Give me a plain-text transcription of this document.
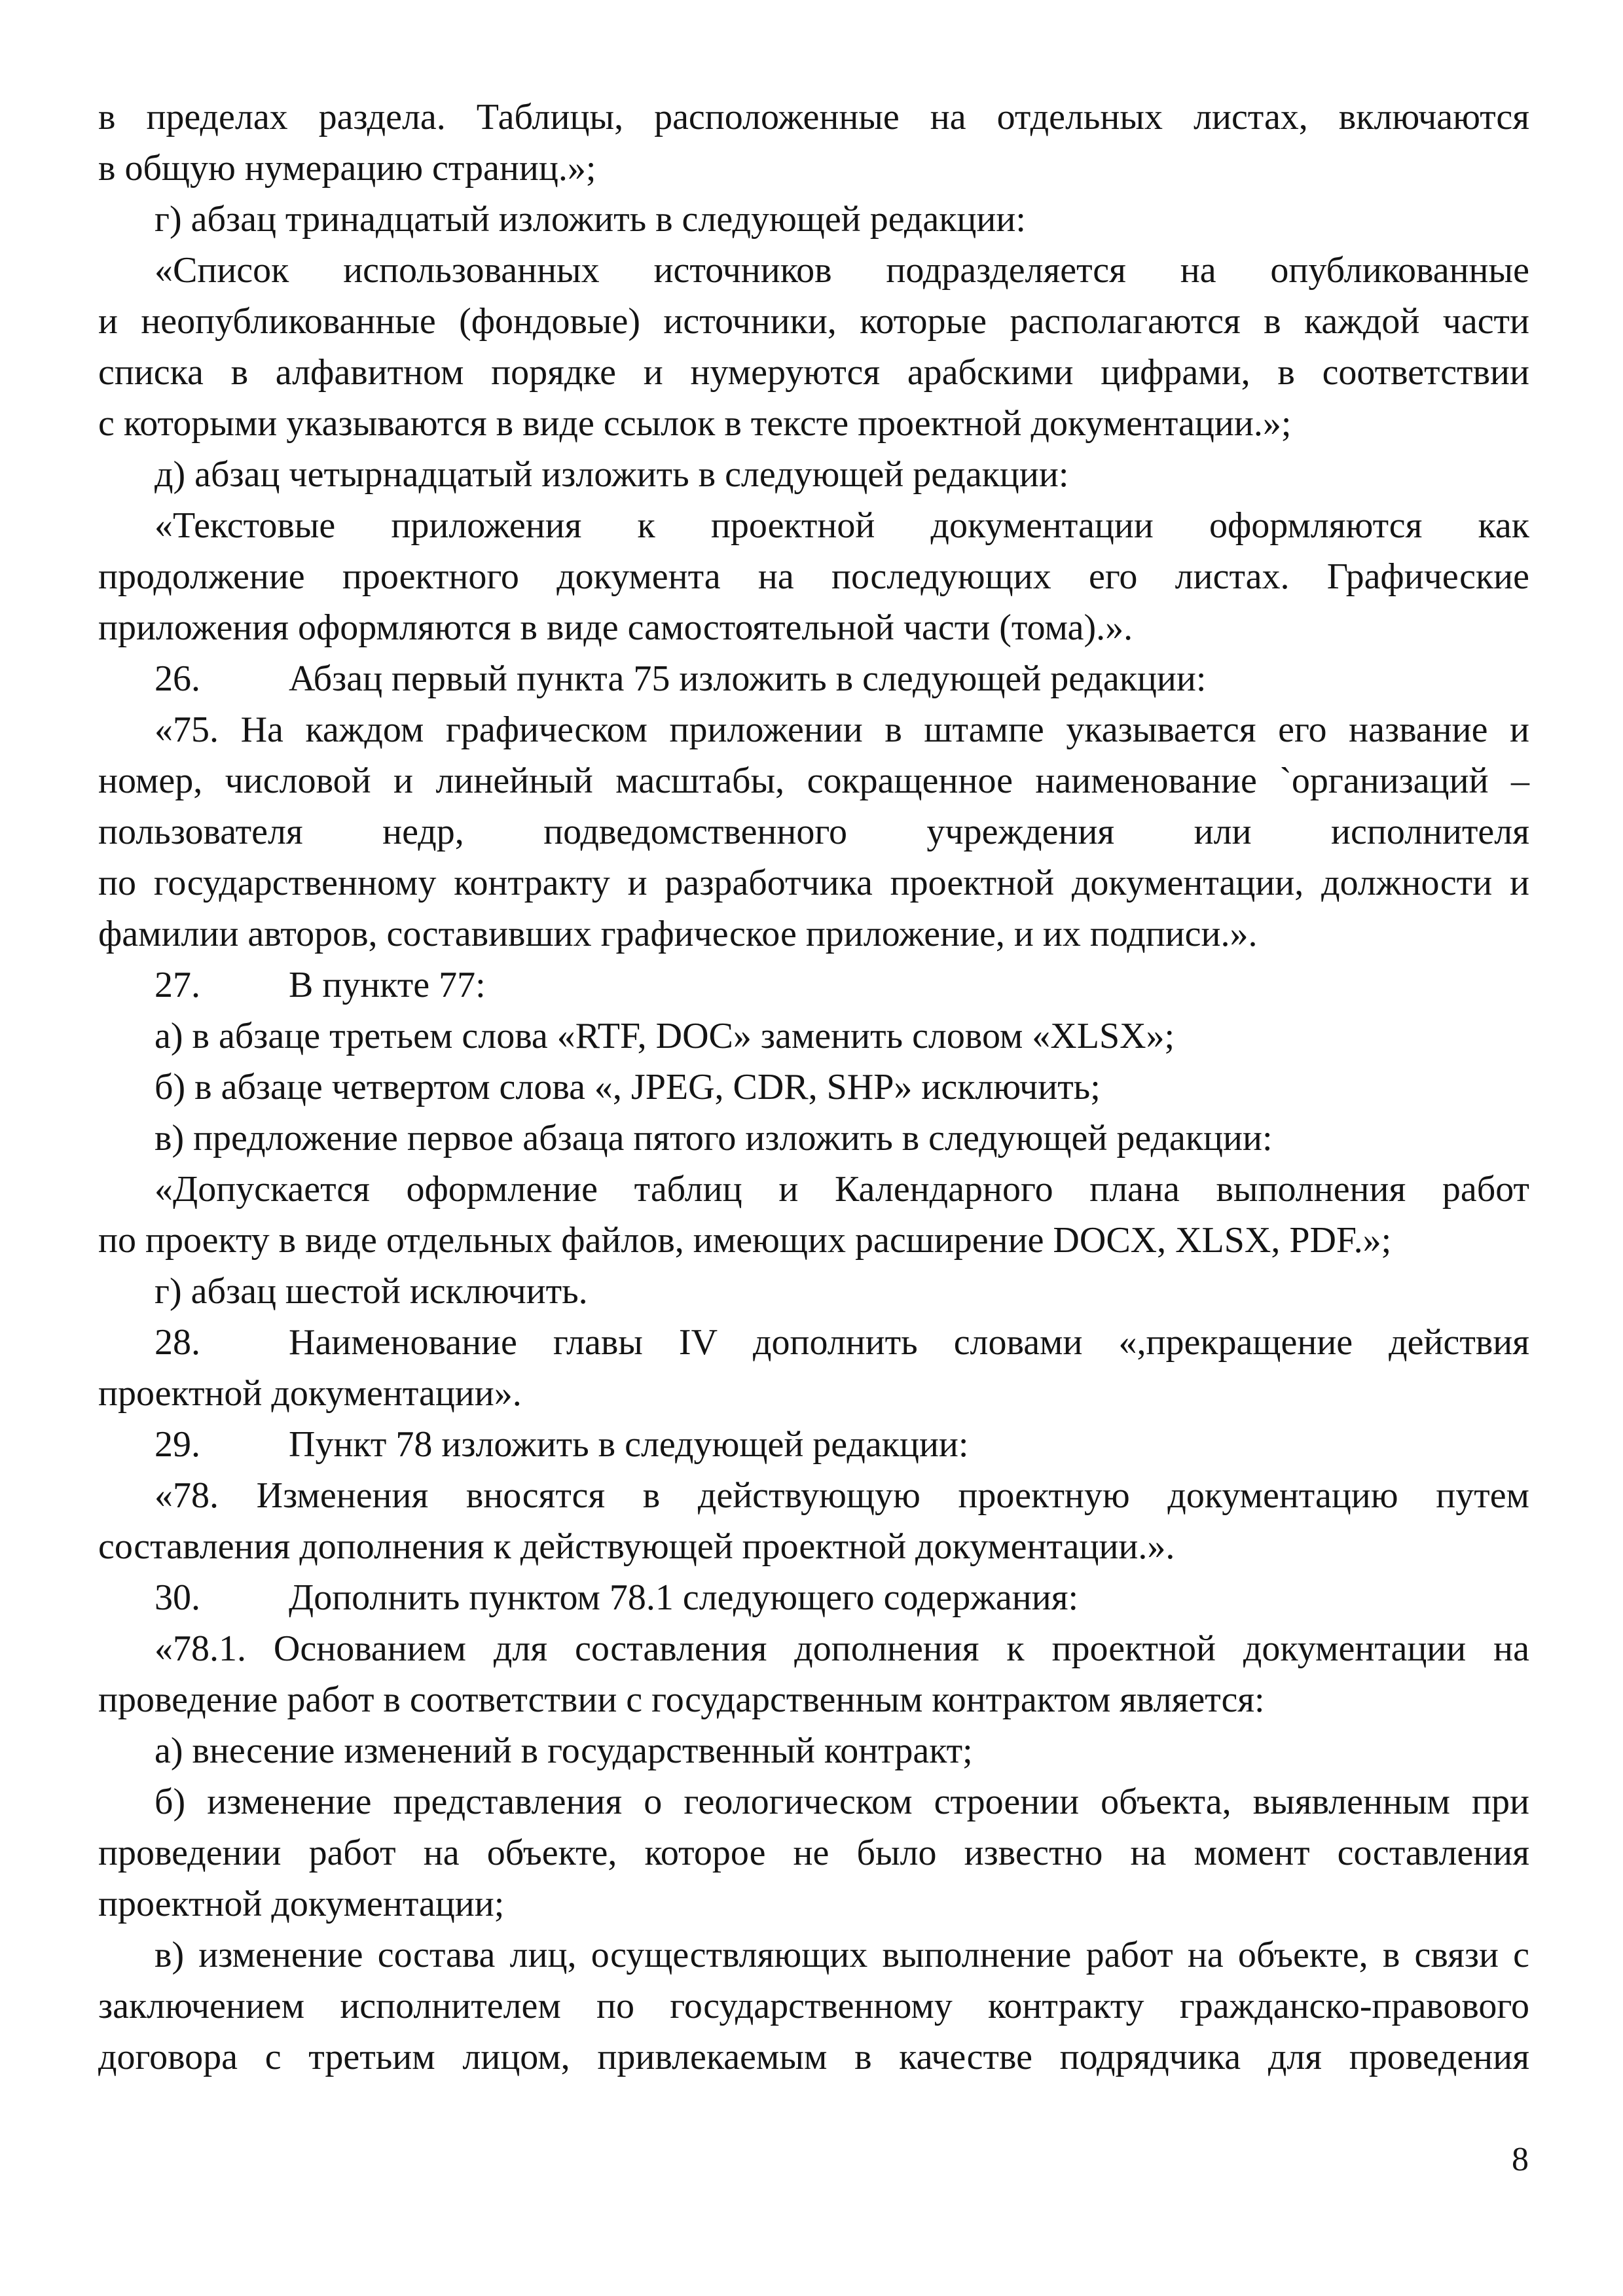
в пределах раздела. Таблицы, расположенные на отдельных листах, включаются
в общую нумерацию страниц.»;
г) абзац тринадцатый изложить в следующей редакции:
«Список использованных источников подразделяется на опубликованные
и неопубликованные (фондовые) источники, которые располагаются в каждой части
списка в алфавитном порядке и нумеруются арабскими цифрами, в соответствии
с которыми указываются в виде ссылок в тексте проектной документации.»;
д) абзац четырнадцатый изложить в следующей редакции:
«Текстовые приложения к проектной документации оформляются как
продолжение проектного документа на последующих его листах. Графические
приложения оформляются в виде самостоятельной части (тома).».
26. Абзац первый пункта 75 изложить в следующей редакции:
«75. На каждом графическом приложении в штампе указывается его название и
номер, числовой и линейный масштабы, сокращенное наименование `организаций –
пользователя недр, подведомственного учреждения или исполнителя
по государственному контракту и разработчика проектной документации, должности и
фамилии авторов, составивших графическое приложение, и их подписи.».
27. В пункте 77:
а) в абзаце третьем слова «RTF, DOC» заменить словом «XLSX»;
б) в абзаце четвертом слова «, JPEG, CDR, SHP» исключить;
в) предложение первое абзаца пятого изложить в следующей редакции:
«Допускается оформление таблиц и Календарного плана выполнения работ
по проекту в виде отдельных файлов, имеющих расширение DOCX, XLSX, PDF.»;
г) абзац шестой исключить.
28.	Наименование главы IV дополнить словами «,прекращение действия
проектной документации».
29. Пункт 78 изложить в следующей редакции:
«78. Изменения вносятся в действующую проектную документацию путем
составления дополнения к действующей проектной документации.».
30. Дополнить пунктом 78.1 следующего содержания:
«78.1. Основанием для составления дополнения к проектной документации на
проведение работ в соответствии с государственным контрактом является:
а) внесение изменений в государственный контракт;
б) изменение представления о геологическом строении объекта, выявленным при
проведении работ на объекте, которое не было известно на момент составления
проектной документации;
в) изменение состава лиц, осуществляющих выполнение работ на объекте, в связи с
заключением исполнителем по государственному контракту гражданско-правового
договора с третьим лицом, привлекаемым в качестве подрядчика для проведения
8
